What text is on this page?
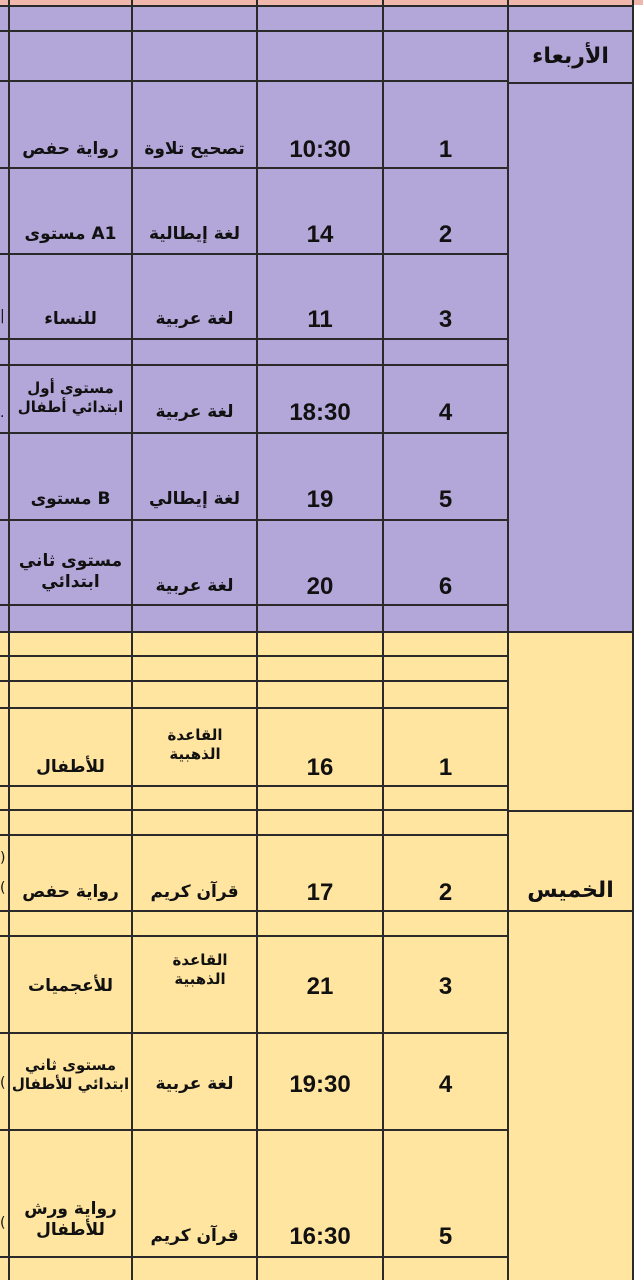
الأربعاء
الخميس
1
10:30
تصحيح تلاوة
رواية حفص
2
14
لغة إيطالية
A1 مستوى
3
11
لغة عربية
للنساء
4
18:30
لغة عربية
مستوى أول ابتدائي أطفال
5
19
لغة إيطالي
B مستوى
6
20
لغة عربية
مستوى ثاني ابتدائي
1
16
القاعدة الذهبية
للأطفال
2
17
قرآن كريم
رواية حفص
3
21
القاعدة الذهبية
للأعجميات
4
19:30
لغة عربية
مستوى ثاني ابتدائي للأطفال
5
16:30
قرآن كريم
رواية ورش للأطفال
|
.
)
(
(
(
